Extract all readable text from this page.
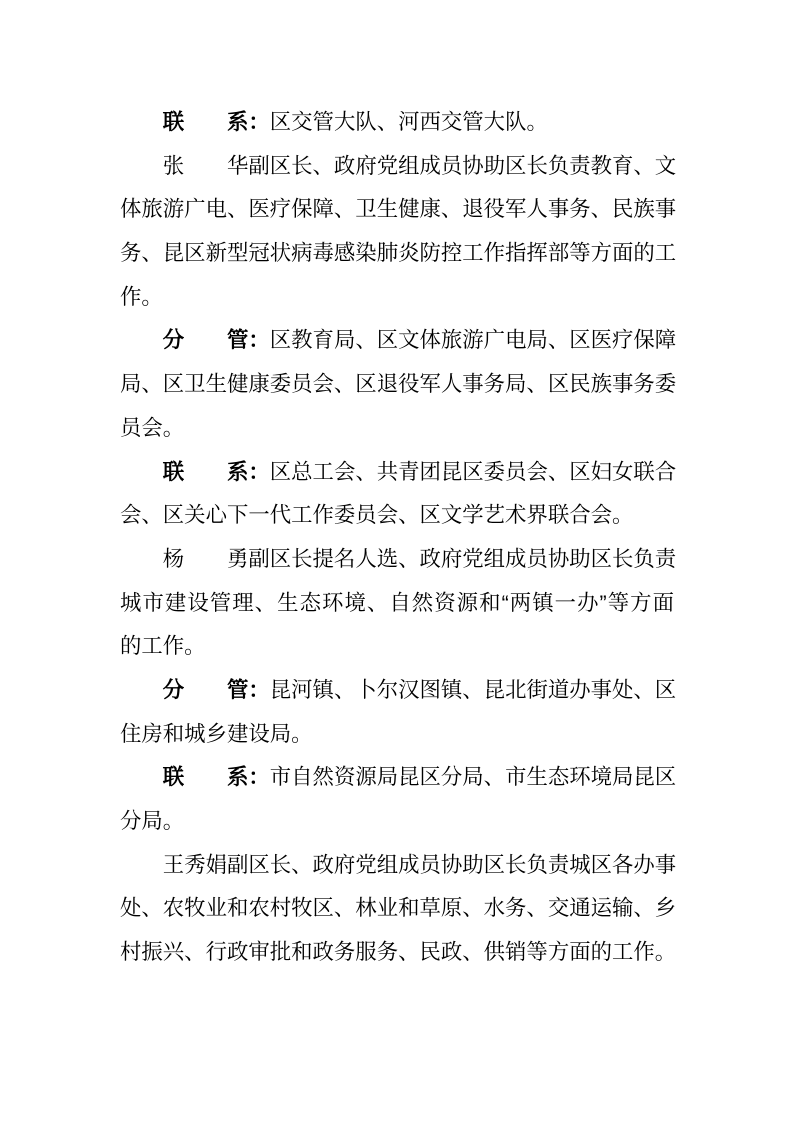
联　　系：区交管大队、河西交管大队。
张　　华副区长、政府党组成员协助区长负责教育、文
体旅游广电、医疗保障、卫生健康、退役军人事务、民族事
务、昆区新型冠状病毒感染肺炎防控工作指挥部等方面的工
作。
分　　管：区教育局、区文体旅游广电局、区医疗保障
局、区卫生健康委员会、区退役军人事务局、区民族事务委
员会。
联　　系：区总工会、共青团昆区委员会、区妇女联合
会、区关心下一代工作委员会、区文学艺术界联合会。
杨　　勇副区长提名人选、政府党组成员协助区长负责
城市建设管理、生态环境、自然资源和“两镇一办”等方面
的工作。
分　　管：昆河镇、卜尔汉图镇、昆北街道办事处、区
住房和城乡建设局。
联　　系：市自然资源局昆区分局、市生态环境局昆区
分局。
王秀娟副区长、政府党组成员协助区长负责城区各办事
处、农牧业和农村牧区、林业和草原、水务、交通运输、乡
村振兴、行政审批和政务服务、民政、供销等方面的工作。
